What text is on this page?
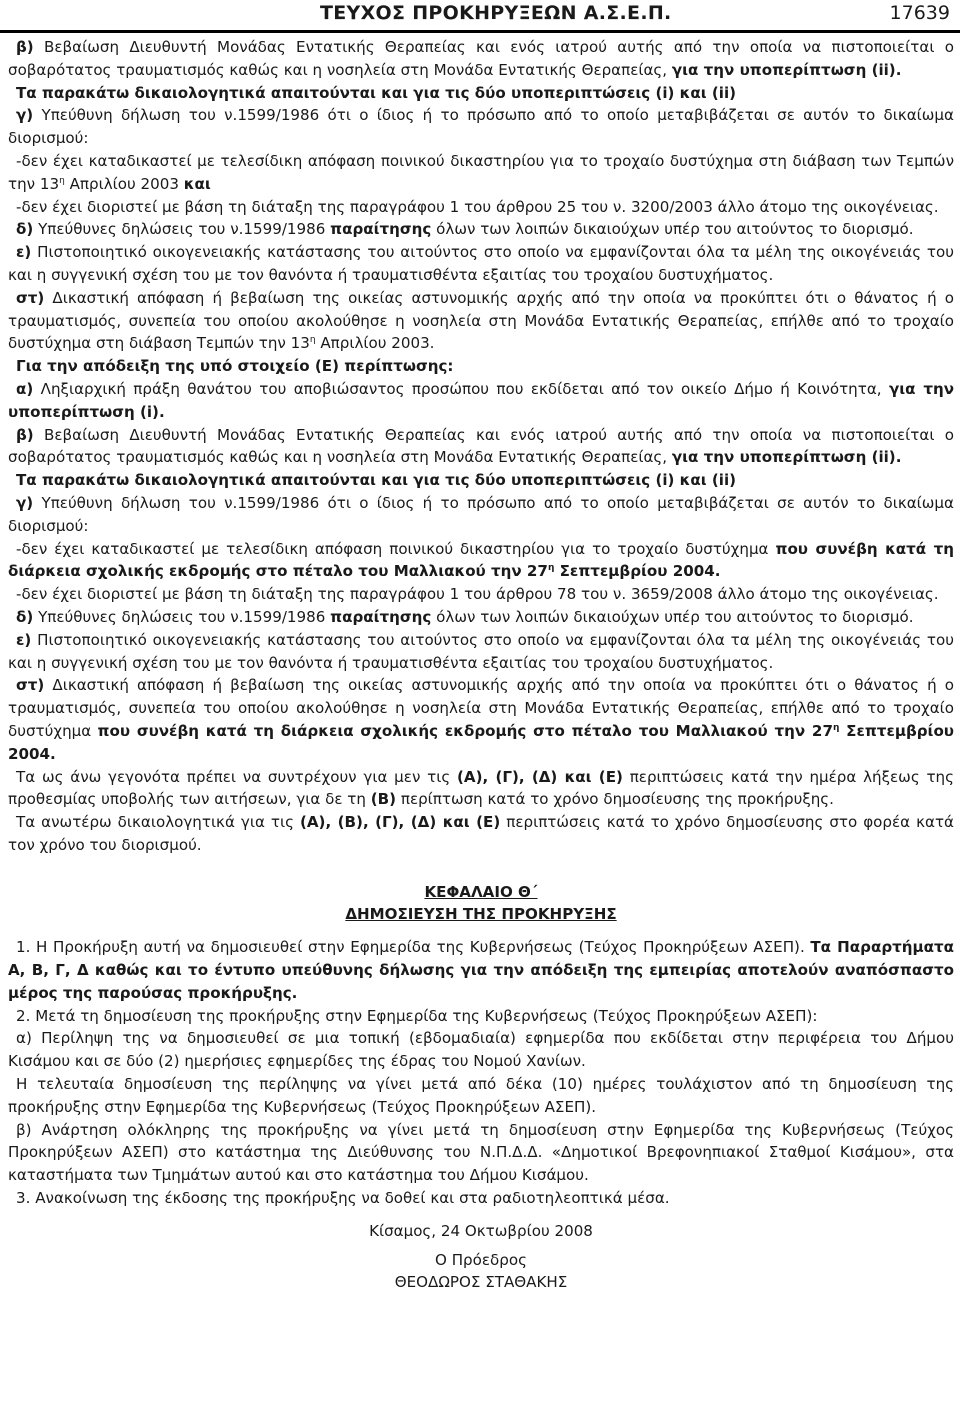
ΤΕΥΧΟΣ ΠΡΟΚΗΡΥΞΕΩΝ Α.Σ.Ε.Π.	17639

β) Βεβαίωση Διευθυντή Μονάδας Εντατικής Θεραπείας και ενός ιατρού αυτής από την οποία να πιστοποιείται ο σοβαρότατος τραυματισμός καθώς και η νοσηλεία στη Μονάδα Εντατικής Θεραπείας, για την υποπερίπτωση (ii).

Τα παρακάτω δικαιολογητικά απαιτούνται και για τις δύο υποπεριπτώσεις (i) και (ii)

γ) Υπεύθυνη δήλωση του ν.1599/1986 ότι ο ίδιος ή το πρόσωπο από το οποίο μεταβιβάζεται σε αυτόν το δικαίωμα διορισμού:

-δεν έχει καταδικαστεί με τελεσίδικη απόφαση ποινικού δικαστηρίου για το τροχαίο δυστύχημα στη διάβαση των Τεμπών την $13^\eta$ Απριλίου 2003 και

-δεν έχει διοριστεί με βάση τη διάταξη της παραγράφου 1 του άρθρου 25 του ν. 3200/2003 άλλο άτομο της οικογένειας.

δ) Υπεύθυνες δηλώσεις του ν.1599/1986 παραίτησης όλων των λοιπών δικαιούχων υπέρ του αιτούντος το διορισμό.

ε) Πιστοποιητικό οικογενειακής κατάστασης του αιτούντος στο οποίο να εμφανίζονται όλα τα μέλη της οικογένειάς του και η συγγενική σχέση του με τον θανόντα ή τραυματισθέντα εξαιτίας του τροχαίου δυστυχήματος.

στ) Δικαστική απόφαση ή βεβαίωση της οικείας αστυνομικής αρχής από την οποία να προκύπτει ότι ο θάνατος ή ο τραυματισμός, συνεπεία του οποίου ακολούθησε η νοσηλεία στη Μονάδα Εντατικής Θεραπείας, επήλθε από το τροχαίο δυστύχημα στη διάβαση Τεμπών την $13^\eta$ Απριλίου 2003.

Για την απόδειξη της υπό στοιχείο (Ε) περίπτωσης:

α) Ληξιαρχική πράξη θανάτου του αποβιώσαντος προσώπου που εκδίδεται από τον οικείο Δήμο ή Κοινότητα, για την υποπερίπτωση (i).

β) Βεβαίωση Διευθυντή Μονάδας Εντατικής Θεραπείας και ενός ιατρού αυτής από την οποία να πιστοποιείται ο σοβαρότατος τραυματισμός καθώς και η νοσηλεία στη Μονάδα Εντατικής Θεραπείας, για την υποπερίπτωση (ii).

Τα παρακάτω δικαιολογητικά απαιτούνται και για τις δύο υποπεριπτώσεις (i) και (ii)

γ) Υπεύθυνη δήλωση του ν.1599/1986 ότι ο ίδιος ή το πρόσωπο από το οποίο μεταβιβάζεται σε αυτόν το δικαίωμα διορισμού:

-δεν έχει καταδικαστεί με τελεσίδικη απόφαση ποινικού δικαστηρίου για το τροχαίο δυστύχημα που συνέβη κατά τη διάρκεια σχολικής εκδρομής στο πέταλο του Μαλλιακού την $27^\eta$ Σεπτεμβρίου 2004.

-δεν έχει διοριστεί με βάση τη διάταξη της παραγράφου 1 του άρθρου 78 του ν. 3659/2008 άλλο άτομο της οικογένειας.

δ) Υπεύθυνες δηλώσεις του ν.1599/1986 παραίτησης όλων των λοιπών δικαιούχων υπέρ του αιτούντος το διορισμό.

ε) Πιστοποιητικό οικογενειακής κατάστασης του αιτούντος στο οποίο να εμφανίζονται όλα τα μέλη της οικογένειάς του και η συγγενική σχέση του με τον θανόντα ή τραυματισθέντα εξαιτίας του τροχαίου δυστυχήματος.

στ) Δικαστική απόφαση ή βεβαίωση της οικείας αστυνομικής αρχής από την οποία να προκύπτει ότι ο θάνατος ή ο τραυματισμός, συνεπεία του οποίου ακολούθησε η νοσηλεία στη Μονάδα Εντατικής Θεραπείας, επήλθε από το τροχαίο δυστύχημα που συνέβη κατά τη διάρκεια σχολικής εκδρομής στο πέταλο του Μαλλιακού την $27^\eta$ Σεπτεμβρίου 2004.

Τα ως άνω γεγονότα πρέπει να συντρέχουν για μεν τις (Α), (Γ), (Δ) και (Ε) περιπτώσεις κατά την ημέρα λήξεως της προθεσμίας υποβολής των αιτήσεων, για δε τη (Β) περίπτωση κατά το χρόνο δημοσίευσης της προκήρυξης.

Τα ανωτέρω δικαιολογητικά για τις (Α), (Β), (Γ), (Δ) και (Ε) περιπτώσεις κατά το χρόνο δημοσίευσης στο φορέα κατά τον χρόνο του διορισμού.

ΚΕΦΑΛΑΙΟ Θ΄

ΔΗΜΟΣΙΕΥΣΗ ΤΗΣ ΠΡΟΚΗΡΥΞΗΣ

1. Η Προκήρυξη αυτή να δημοσιευθεί στην Εφημερίδα της Κυβερνήσεως (Τεύχος Προκηρύξεων ΑΣΕΠ). Τα Παραρτήματα Α, Β, Γ, Δ καθώς και το έντυπο υπεύθυνης δήλωσης για την απόδειξη της εμπειρίας αποτελούν αναπόσπαστο μέρος της παρούσας προκήρυξης.

2. Μετά τη δημοσίευση της προκήρυξης στην Εφημερίδα της Κυβερνήσεως (Τεύχος Προκηρύξεων ΑΣΕΠ):

α) Περίληψη της να δημοσιευθεί σε μια τοπική (εβδομαδιαία) εφημερίδα που εκδίδεται στην περιφέρεια του Δήμου Κισάμου και σε δύο (2) ημερήσιες εφημερίδες της έδρας του Νομού Χανίων.

Η τελευταία δημοσίευση της περίληψης να γίνει μετά από δέκα (10) ημέρες τουλάχιστον από τη δημοσίευση της προκήρυξης στην Εφημερίδα της Κυβερνήσεως (Τεύχος Προκηρύξεων ΑΣΕΠ).

β) Ανάρτηση ολόκληρης της προκήρυξης να γίνει μετά τη δημοσίευση στην Εφημερίδα της Κυβερνήσεως (Τεύχος Προκηρύξεων ΑΣΕΠ) στο κατάστημα της Διεύθυνσης του Ν.Π.Δ.Δ. «Δημοτικοί Βρεφονηπιακοί Σταθμοί Κισάμου», στα καταστήματα των Τμημάτων αυτού και στο κατάστημα του Δήμου Κισάμου.

3. Ανακοίνωση της έκδοσης της προκήρυξης να δοθεί και στα ραδιοτηλεοπτικά μέσα.

Κίσαμος, 24 Οκτωβρίου 2008

Ο Πρόεδρος

ΘΕΟΔΩΡΟΣ ΣΤΑΘΑΚΗΣ
